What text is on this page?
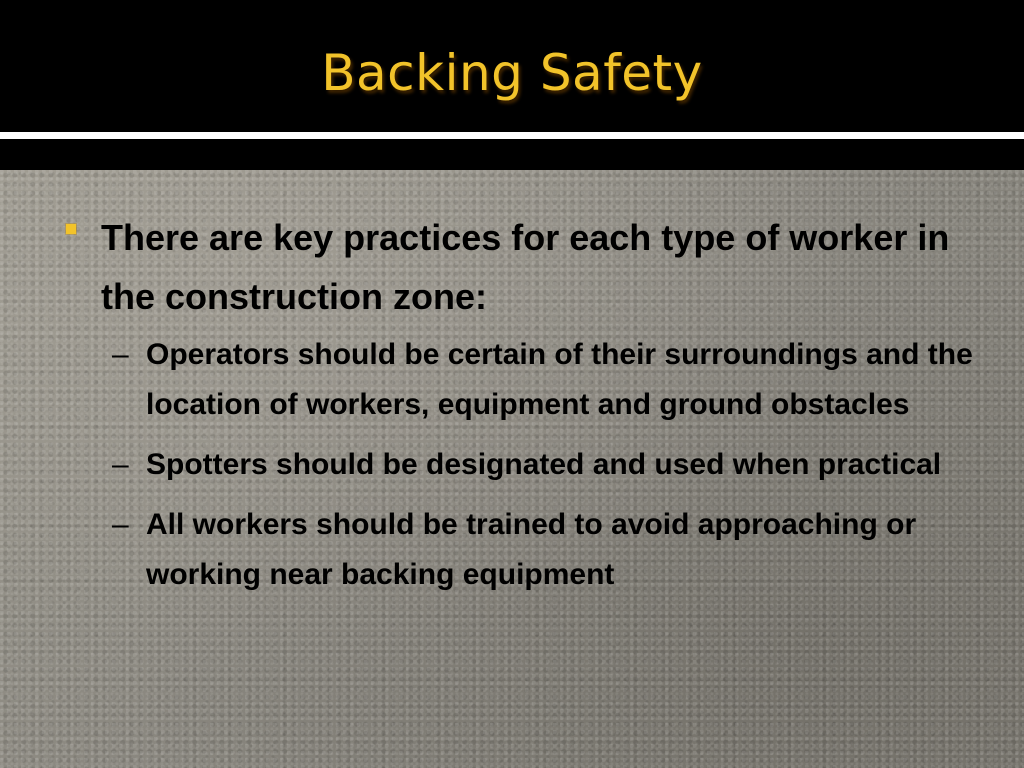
Backing Safety
There are key practices for each type of worker in the construction zone:
– Operators should be certain of their surroundings and the location of workers, equipment and ground obstacles
– Spotters should be designated and used when practical
– All workers should be trained to avoid approaching or working near backing equipment
